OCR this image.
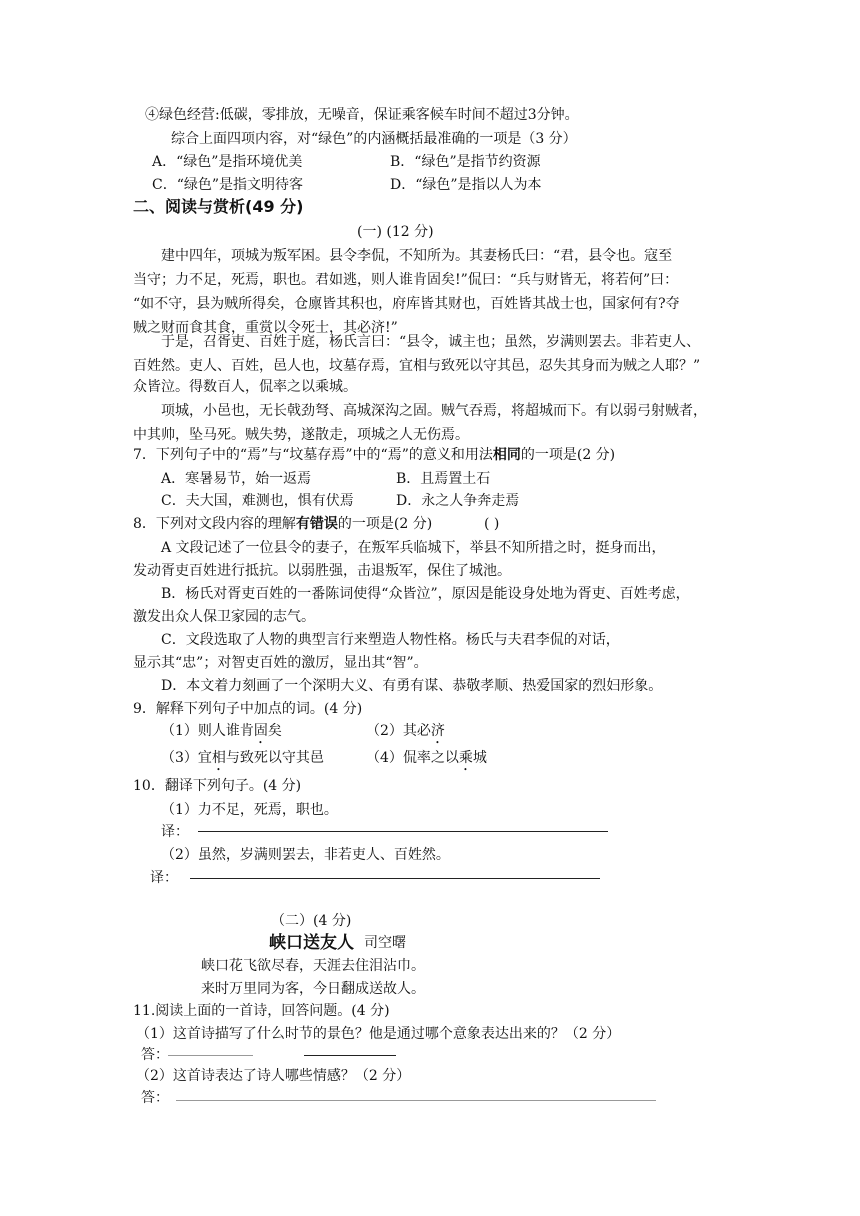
④绿色经营:低碳，零排放，无噪音，保证乘客候车时间不超过3分钟。
综合上面四项内容，对“绿色”的内涵概括最准确的一项是（3 分）
A．“绿色”是指环境优美	B．“绿色”是指节约资源
C．“绿色”是指文明待客	D．“绿色”是指以人为本
二、阅读与赏析(49 分)
(一) (12 分)
建中四年，项城为叛军困。县令李侃，不知所为。其妻杨氏曰：“君，县令也。寇至
当守；力不足，死焉，职也。君如逃，则人谁肯固矣!”侃曰：“兵与财皆无，将若何”曰：
“如不守，县为贼所得矣，仓廪皆其积也，府库皆其财也，百姓皆其战士也，国家何有?夺
贼之财而食其食，重赏以令死士，其必济!”
于是，召胥吏、百姓于庭，杨氏言曰：“县令，诚主也；虽然，岁满则罢去。非若吏人、
百姓然。吏人、百姓，邑人也，坟墓存焉，宜相与致死以守其邑，忍失其身而为贼之人耶？”
众皆泣。得数百人，侃率之以乘城。
项城，小邑也，无长戟劲弩、高城深沟之固。贼气吞焉，将超城而下。有以弱弓射贼者，
中其帅，坠马死。贼失势，遂散走，项城之人无伤焉。
7．下列句子中的“焉”与“坟墓存焉”中的“焉”的意义和用法相同的一项是(2 分)
A．寒暑易节，始一返焉	B．且焉置土石
C．夫大国，难测也，惧有伏焉	D．永之人争奔走焉
8．下列对文段内容的理解有错误的一项是(2 分)	( )
A 文段记述了一位县令的妻子，在叛军兵临城下，举县不知所措之时，挺身而出，
发动胥吏百姓进行抵抗。以弱胜强，击退叛军，保住了城池。
B．杨氏对胥吏百姓的一番陈词使得“众皆泣”，原因是能设身处地为胥吏、百姓考虑，
激发出众人保卫家园的志气。
C．文段选取了人物的典型言行来塑造人物性格。杨氏与夫君李侃的对话，
显示其“忠”；对智吏百姓的激厉，显出其“智”。
D．本文着力刻画了一个深明大义、有勇有谋、恭敬孝顺、热爱国家的烈妇形象。
9．解释下列句子中加点的词。(4 分)
（1）则人谁肯固矣	（2）其必济
（3）宜相与致死以守其邑	（4）侃率之以乘城
10．翻译下列句子。(4 分)
（1）力不足，死焉，职也。
译：
（2）虽然，岁满则罢去，非若吏人、百姓然。
译：
（二）(4 分)
峡口送友人 司空曙
峡口花飞欲尽春，天涯去住泪沾巾。
来时万里同为客，今日翻成送故人。
11.阅读上面的一首诗，回答问题。(4 分)
（1）这首诗描写了什么时节的景色？他是通过哪个意象表达出来的？（2 分）
答：
（2）这首诗表达了诗人哪些情感？（2 分）
答：
